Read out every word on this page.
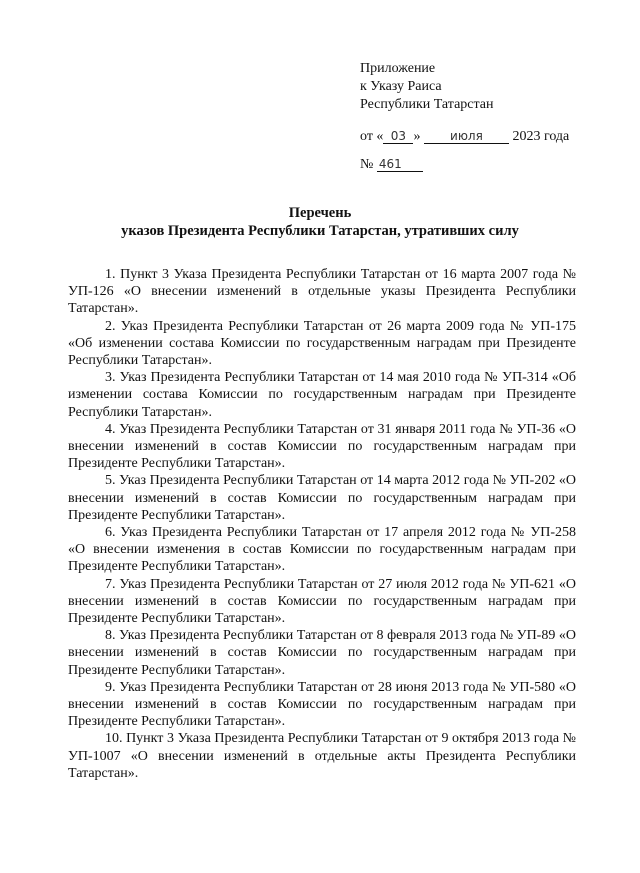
Приложение
к Указу Раиса
Республики Татарстан
от « 03 » июля 2023 года
№ 461
Перечень
указов Президента Республики Татарстан, утративших силу

1. Пункт 3 Указа Президента Республики Татарстан от 16 марта 2007 года № УП-126 «О внесении изменений в отдельные указы Президента Республики Татарстан».

2. Указ Президента Республики Татарстан от 26 марта 2009 года № УП-175 «Об изменении состава Комиссии по государственным наградам при Президенте Республики Татарстан».

3. Указ Президента Республики Татарстан от 14 мая 2010 года № УП-314 «Об изменении состава Комиссии по государственным наградам при Президенте Республики Татарстан».

4. Указ Президента Республики Татарстан от 31 января 2011 года № УП-36 «О внесении изменений в состав Комиссии по государственным наградам при Президенте Республики Татарстан».

5. Указ Президента Республики Татарстан от 14 марта 2012 года № УП-202 «О внесении изменений в состав Комиссии по государственным наградам при Президенте Республики Татарстан».

6. Указ Президента Республики Татарстан от 17 апреля 2012 года № УП-258 «О внесении изменения в состав Комиссии по государственным наградам при Президенте Республики Татарстан».

7. Указ Президента Республики Татарстан от 27 июля 2012 года № УП-621 «О внесении изменений в состав Комиссии по государственным наградам при Президенте Республики Татарстан».

8. Указ Президента Республики Татарстан от 8 февраля 2013 года № УП-89 «О внесении изменений в состав Комиссии по государственным наградам при Президенте Республики Татарстан».

9. Указ Президента Республики Татарстан от 28 июня 2013 года № УП-580 «О внесении изменений в состав Комиссии по государственным наградам при Президенте Республики Татарстан».

10. Пункт 3 Указа Президента Республики Татарстан от 9 октября 2013 года № УП-1007 «О внесении изменений в отдельные акты Президента Республики Татарстан».
